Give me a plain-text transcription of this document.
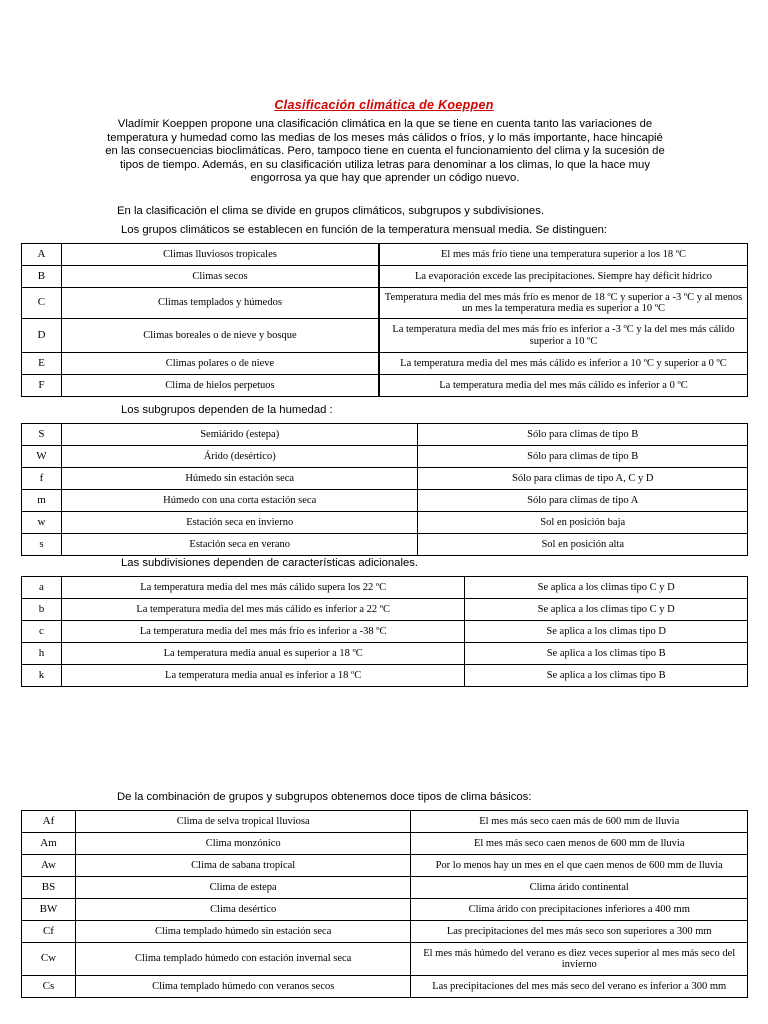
Clasificación climática de Koeppen
Vladímir Koeppen propone una clasificación climática en la que se tiene en cuenta tanto las variaciones de temperatura y humedad como las medias de los meses más cálidos o fríos, y lo más importante, hace hincapié en las consecuencias bioclimáticas. Pero, tampoco tiene en cuenta el funcionamiento del clima y la sucesión de tipos de tiempo. Además, en su clasificación utiliza letras para denominar a los climas, lo que la hace muy engorrosa ya que hay que aprender un código nuevo.
En la clasificación el clima se divide en grupos climáticos, subgrupos y subdivisiones.
Los grupos climáticos se establecen en función de la temperatura mensual media. Se distinguen:
A	Climas lluviosos tropicales	El mes más frío tiene una temperatura superior a los 18 ºC
B	Climas secos	La evaporación excede las precipitaciones. Siempre hay déficit hídrico
C	Climas templados y húmedos	Temperatura media del mes más frío es menor de 18 ºC y superior a -3 ºC y al menos un mes la temperatura media es superior a 10 ºC
D	Climas boreales o de nieve y bosque	La temperatura media del mes más frío es inferior a -3 ºC y la del mes más cálido superior a 10 ºC
E	Climas polares o de nieve	La temperatura media del mes más cálido es inferior a 10 ºC y superior a 0 ºC
F	Clima de hielos perpetuos	La temperatura media del mes más cálido es inferior a 0 ºC
Los subgrupos dependen de la humedad :
S	Semiárido (estepa)	Sólo para climas de tipo B
W	Árido (desértico)	Sólo para climas de tipo B
f	Húmedo sin estación seca	Sólo para climas de tipo A, C y D
m	Húmedo con una corta estación seca	Sólo para climas de tipo A
w	Estación seca en invierno	Sol en posición baja
s	Estación seca en verano	Sol en posición alta
Las subdivisiones dependen de características adicionales.
a	La temperatura media del mes más cálido supera los 22 ºC	Se aplica a los climas tipo C y D
b	La temperatura media del mes más cálido es inferior a 22 ºC	Se aplica a los climas tipo C y D
c	La temperatura media del mes más frío es inferior a -38 ºC	Se aplica a los climas tipo D
h	La temperatura media anual es superior a 18 ºC	Se aplica a los climas tipo B
k	La temperatura media anual es inferior a 18 ºC	Se aplica a los climas tipo B
De la combinación de grupos y subgrupos obtenemos doce tipos de clima básicos:
Af	Clima de selva tropical lluviosa	El mes más seco caen más de 600 mm de lluvia
Am	Clima monzónico	El mes más seco caen menos de 600 mm de lluvia
Aw	Clima de sabana tropical	Por lo menos hay un mes en el que caen menos de 600 mm de lluvia
BS	Clima de estepa	Clima árido continental
BW	Clima desértico	Clima árido con precipitaciones inferiores a 400 mm
Cf	Clima templado húmedo sin estación seca	Las precipitaciones del mes más seco son superiores a 300 mm
Cw	Clima templado húmedo con estación invernal seca	El mes más húmedo del verano es diez veces superior al mes más seco del invierno
Cs	Clima templado húmedo con veranos secos	Las precipitaciones del mes más seco del verano es inferior a 300 mm
